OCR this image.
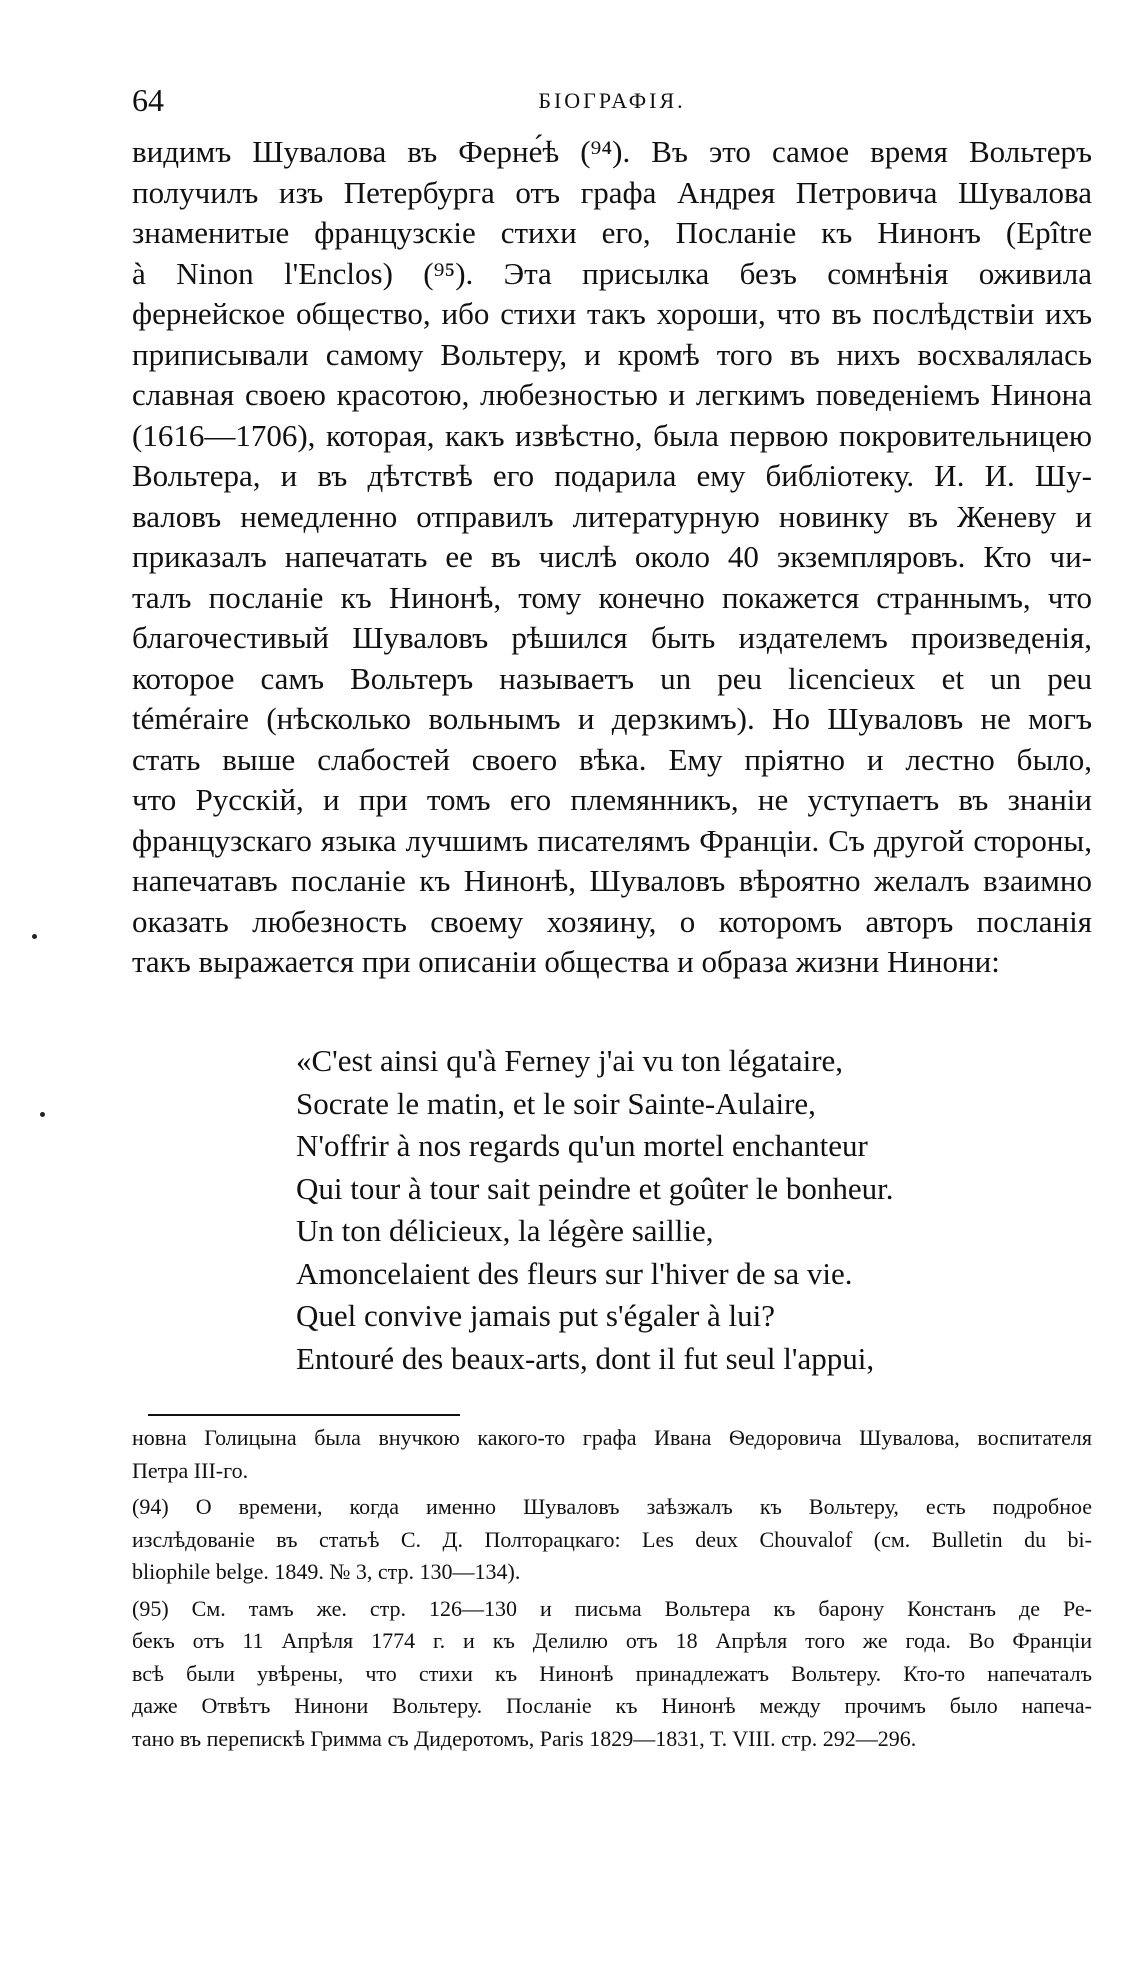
64	БІОГРАФІЯ.
видимъ Шувалова въ Ферне́ѣ (⁹⁴). Въ это самое время Вольтеръ
получилъ изъ Петербурга отъ графа Андрея Петровича Шувалова
знаменитые французскіе стихи его, Посланіе къ Нинонъ (Epître
à Ninon l'Enclos) (⁹⁵). Эта присылка безъ сомнѣнія оживила
фернейское общество, ибо стихи такъ хороши, что въ послѣдствіи ихъ
приписывали самому Вольтеру, и кромѣ того въ нихъ восхвалялась
славная своею красотою, любезностью и легкимъ поведеніемъ Нинона
(1616—1706), которая, какъ извѣстно, была первою покровительницею
Вольтера, и въ дѣтствѣ его подарила ему библіотеку. И. И. Шу-
валовъ немедленно отправилъ литературную новинку въ Женеву и
приказалъ напечатать ее въ числѣ около 40 экземпляровъ. Кто чи-
талъ посланіе къ Нинонѣ, тому конечно покажется страннымъ, что
благочестивый Шуваловъ рѣшился быть издателемъ произведенія,
которое самъ Вольтеръ называетъ un peu licencieux et un peu
téméraire (нѣсколько вольнымъ и дерзкимъ). Но Шуваловъ не могъ
стать выше слабостей своего вѣка. Ему пріятно и лестно было,
что Русскій, и при томъ его племянникъ, не уступаетъ въ знаніи
французскаго языка лучшимъ писателямъ Франціи. Съ другой стороны,
напечатавъ посланіе къ Нинонѣ, Шуваловъ вѣроятно желалъ взаимно
оказать любезность своему хозяину, о которомъ авторъ посланія
такъ выражается при описаніи общества и образа жизни Нинони:
«C'est ainsi qu'à Ferney j'ai vu ton légataire,
Socrate le matin, et le soir Sainte-Aulaire,
N'offrir à nos regards qu'un mortel enchanteur
Qui tour à tour sait peindre et goûter le bonheur.
Un ton délicieux, la légère saillie,
Amoncelaient des fleurs sur l'hiver de sa vie.
Quel convive jamais put s'égaler à lui?
Entouré des beaux-arts, dont il fut seul l'appui,
новна Голицына была внучкою какого-то графа Ивана Ѳедоровича Шувалова, воспитателя
Петра III-го.
(94) О времени, когда именно Шуваловъ заѣзжалъ къ Вольтеру, есть подробное
изслѣдованіе въ статьѣ С. Д. Полторацкаго: Les deux Chouvalof (см. Bulletin du bi-
bliophile belge. 1849. № 3, стр. 130—134).
(95) См. тамъ же. стр. 126—130 и письма Вольтера къ барону Констанъ де Ре-
бекъ отъ 11 Апрѣля 1774 г. и къ Делилю отъ 18 Апрѣля того же года. Во Франціи
всѣ были увѣрены, что стихи къ Нинонѣ принадлежатъ Вольтеру. Кто-то напечаталъ
даже Отвѣтъ Нинони Вольтеру. Посланіе къ Нинонѣ между прочимъ было напеча-
тано въ перепискѣ Гримма съ Дидеротомъ, Paris 1829—1831, T. VIII. стр. 292—296.
